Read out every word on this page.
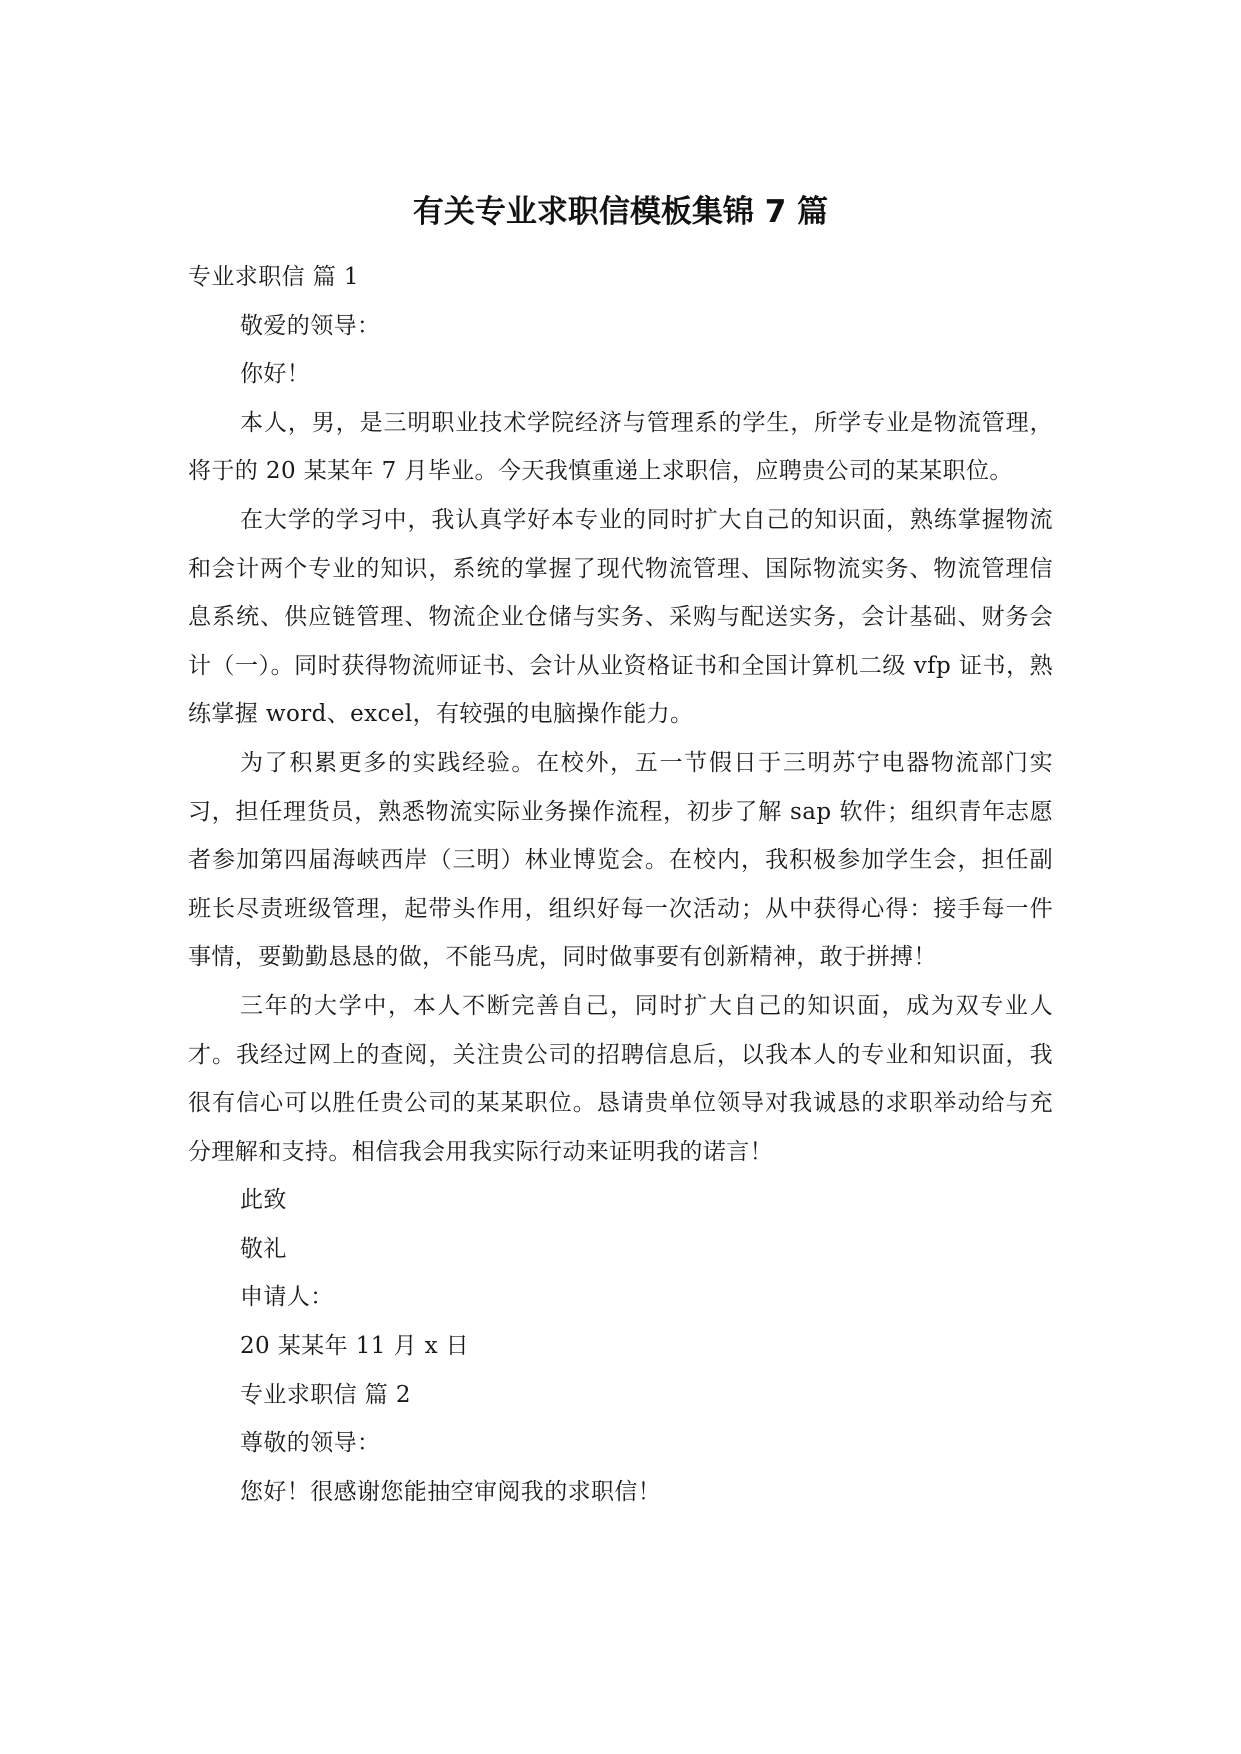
有关专业求职信模板集锦 7 篇

专业求职信 篇 1

敬爱的领导：

你好！

本人，男，是三明职业技术学院经济与管理系的学生，所学专业是物流管理，将于的 20 某某年 7 月毕业。今天我慎重递上求职信，应聘贵公司的某某职位。

在大学的学习中，我认真学好本专业的同时扩大自己的知识面，熟练掌握物流和会计两个专业的知识，系统的掌握了现代物流管理、国际物流实务、物流管理信息系统、供应链管理、物流企业仓储与实务、采购与配送实务，会计基础、财务会计（一）。同时获得物流师证书、会计从业资格证书和全国计算机二级 vfp 证书，熟练掌握 word、excel，有较强的电脑操作能力。

为了积累更多的实践经验。在校外，五一节假日于三明苏宁电器物流部门实习，担任理货员，熟悉物流实际业务操作流程，初步了解 sap 软件；组织青年志愿者参加第四届海峡西岸（三明）林业博览会。在校内，我积极参加学生会，担任副班长尽责班级管理，起带头作用，组织好每一次活动；从中获得心得：接手每一件事情，要勤勤恳恳的做，不能马虎，同时做事要有创新精神，敢于拼搏！

三年的大学中，本人不断完善自己，同时扩大自己的知识面，成为双专业人才。我经过网上的查阅，关注贵公司的招聘信息后，以我本人的专业和知识面，我很有信心可以胜任贵公司的某某职位。恳请贵单位领导对我诚恳的求职举动给与充分理解和支持。相信我会用我实际行动来证明我的诺言！

此致

敬礼

申请人：

20 某某年 11 月 x 日

专业求职信 篇 2

尊敬的领导：

您好！很感谢您能抽空审阅我的求职信！
